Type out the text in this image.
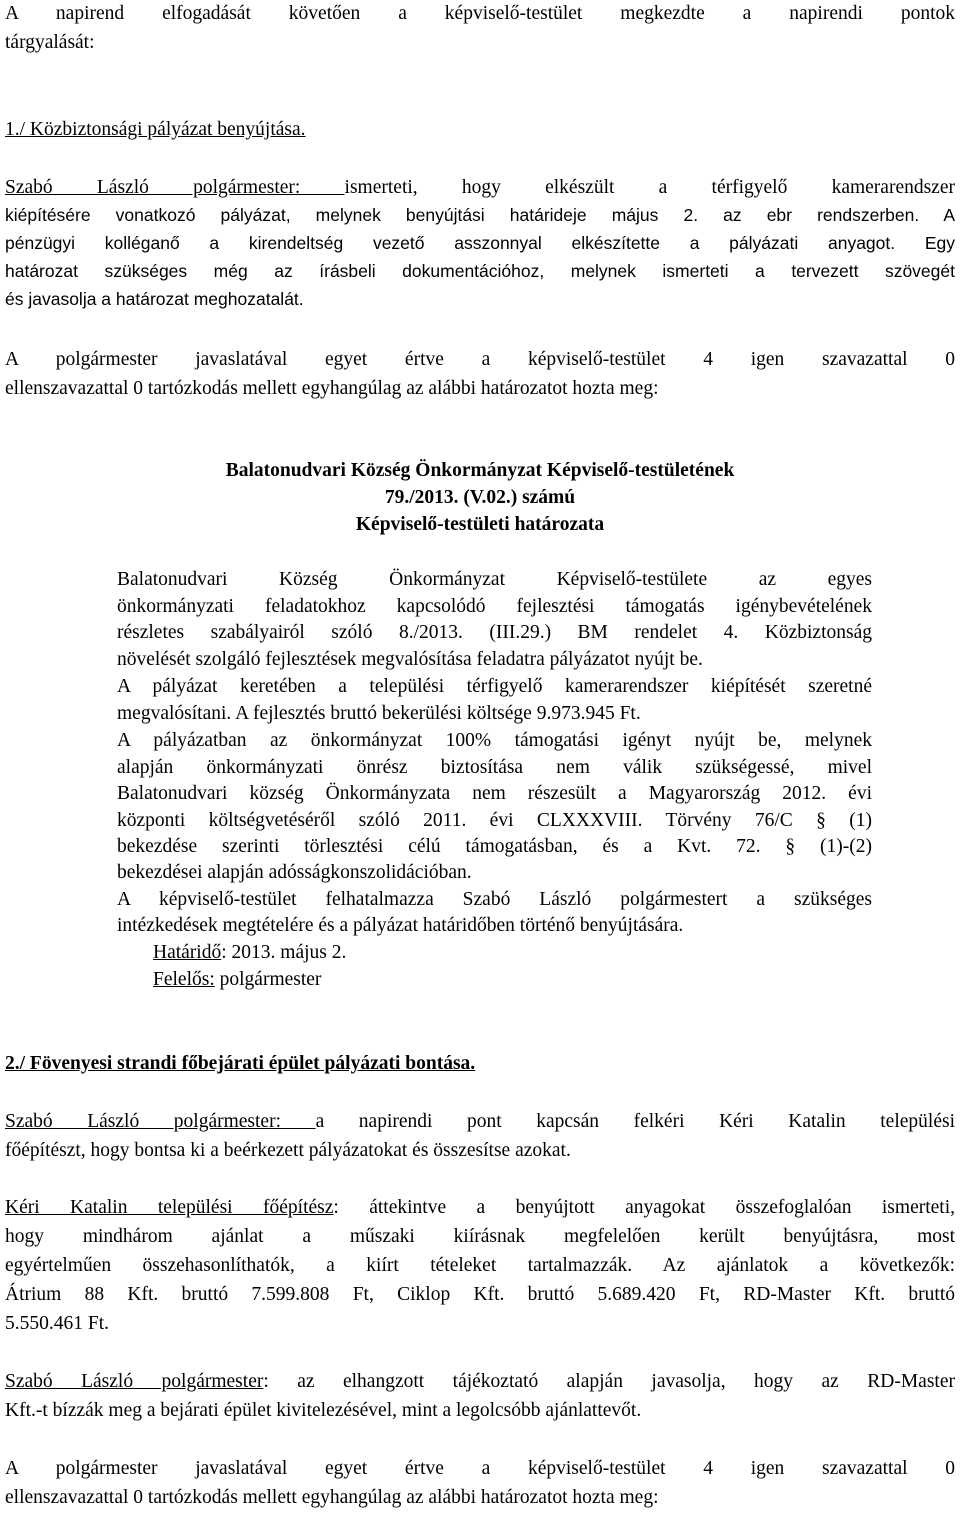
A napirend elfogadását követően a képviselő-testület megkezdte a napirendi pontok
tárgyalását:
1./ Közbiztonsági pályázat benyújtása.
Szabó László polgármester: ismerteti, hogy elkészült a térfigyelő kamerarendszer
kiépítésére vonatkozó pályázat, melynek benyújtási határideje május 2. az ebr rendszerben. A
pénzügyi kolléganő a kirendeltség vezető asszonnyal elkészítette a pályázati anyagot. Egy
határozat szükséges még az írásbeli dokumentációhoz, melynek ismerteti a tervezett szövegét
és javasolja a határozat meghozatalát.
A polgármester javaslatával egyet értve a képviselő-testület 4 igen szavazattal 0
ellenszavazattal 0 tartózkodás mellett egyhangúlag az alábbi határozatot hozta meg:
Balatonudvari Község Önkormányzat Képviselő-testületének
79./2013. (V.02.) számú
Képviselő-testületi határozata
Balatonudvari Község Önkormányzat Képviselő-testülete az egyes
önkormányzati feladatokhoz kapcsolódó fejlesztési támogatás igénybevételének
részletes szabályairól szóló 8./2013. (III.29.) BM rendelet 4. Közbiztonság
növelését szolgáló fejlesztések megvalósítása feladatra pályázatot nyújt be.
A pályázat keretében a települési térfigyelő kamerarendszer kiépítését szeretné
megvalósítani. A fejlesztés bruttó bekerülési költsége 9.973.945 Ft.
A pályázatban az önkormányzat 100% támogatási igényt nyújt be, melynek
alapján önkormányzati önrész biztosítása nem válik szükségessé, mivel
Balatonudvari község Önkormányzata nem részesült a Magyarország 2012. évi
központi költségvetéséről szóló 2011. évi CLXXXVIII. Törvény 76/C § (1)
bekezdése szerinti törlesztési célú támogatásban, és a Kvt. 72. § (1)-(2)
bekezdései alapján adósságkonszolidációban.
A képviselő-testület felhatalmazza Szabó László polgármestert a szükséges
intézkedések megtételére és a pályázat határidőben történő benyújtására.
Határidő: 2013. május 2.
Felelős: polgármester
2./ Fövenyesi strandi főbejárati épület pályázati bontása.
Szabó László polgármester: a napirendi pont kapcsán felkéri Kéri Katalin települési
főépítészt, hogy bontsa ki a beérkezett pályázatokat és összesítse azokat.
Kéri Katalin települési főépítész: áttekintve a benyújtott anyagokat összefoglalóan ismerteti,
hogy mindhárom ajánlat a műszaki kiírásnak megfelelően került benyújtásra, most
egyértelműen összehasonlíthatók, a kiírt tételeket tartalmazzák. Az ajánlatok a következők:
Átrium 88 Kft. bruttó 7.599.808 Ft, Ciklop Kft. bruttó 5.689.420 Ft, RD-Master Kft. bruttó
5.550.461 Ft.
Szabó László polgármester: az elhangzott tájékoztató alapján javasolja, hogy az RD-Master
Kft.-t bízzák meg a bejárati épület kivitelezésével, mint a legolcsóbb ajánlattevőt.
A polgármester javaslatával egyet értve a képviselő-testület 4 igen szavazattal 0
ellenszavazattal 0 tartózkodás mellett egyhangúlag az alábbi határozatot hozta meg:
